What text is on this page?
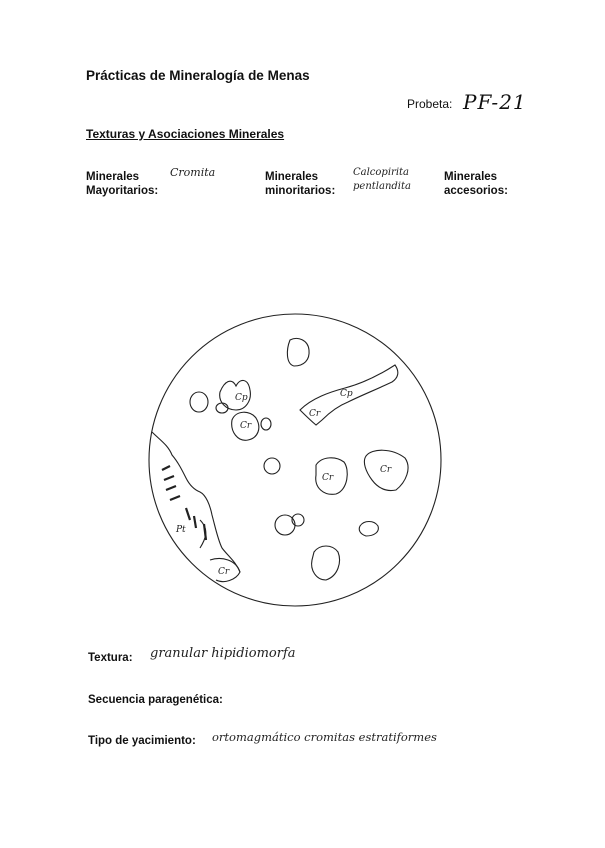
Prácticas de Mineralogía de Menas
Probeta: PF-21
Texturas y Asociaciones Minerales
Minerales
Mayoritarios:
Cromita	Minerales
minoritarios:
Calcopirita
pentlandita
Minerales
accesorios:
Cp
Cr
Cp
Cr
Cr
Cr
Pt
Cr
Textura: granular hipidiomorfa
Secuencia paragenética:
Tipo de yacimiento: ortomagmático cromitas estratiformes
